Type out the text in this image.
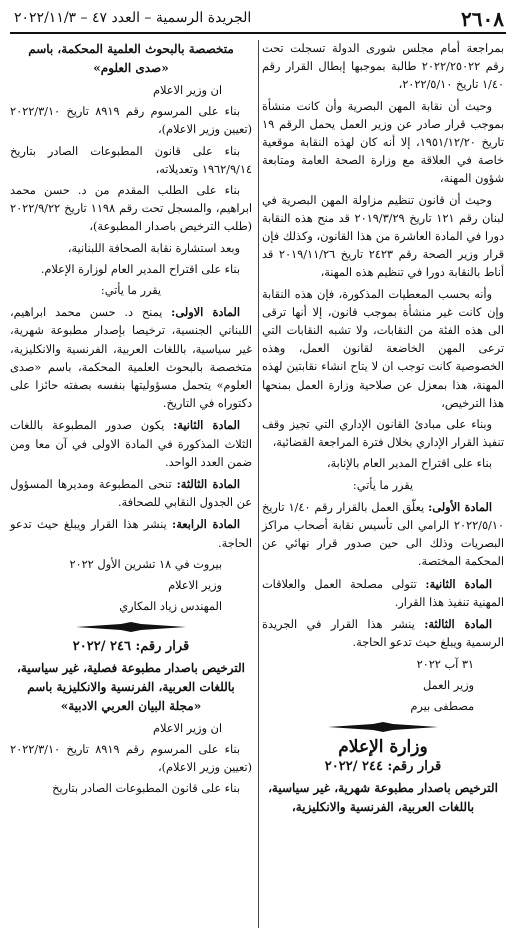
٢٦٠٨
الجريدة الرسمية – العدد ٤٧ – ٢٠٢٢/١١/٣

بمراجعة أمام مجلس شورى الدولة تسجلت تحت رقم ٢٠٢٢/٢٥٠٢٢ طالبة بموجبها إبطال القرار رقم ١/٤٠ تاريخ ٢٠٢٢/٥/١٠،

وحيث أن نقابة المهن البصرية وأن كانت منشأة بموجب قرار صادر عن وزير العمل يحمل الرقم ١٩ تاريخ ١٩٥١/١٢/٢٠، إلا أنه كان لهذه النقابة موقعية خاصة في العلاقة مع وزارة الصحة العامة ومتابعة شؤون المهنة،

وحيث أن قانون تنظيم مزاولة المهن البصرية في لبنان رقم ١٢١ تاريخ ٢٠١٩/٣/٢٩ قد منح هذه النقابة دورا في المادة العاشرة من هذا القانون، وكذلك فإن قرار وزير الصحة رقم ٢٤٢٣ تاريخ ٢٠١٩/١١/٢٦ قد أناط بالنقابة دورا في تنظيم هذه المهنة،

وأنه بحسب المعطيات المذكورة، فإن هذه النقابة وإن كانت غير منشأة بموجب قانون، إلا أنها ترقى الى هذه الفئة من النقابات، ولا تشبه النقابات التي ترعى المهن الخاضعة لقانون العمل، وهذه الخصوصية كانت توجب ان لا يتاح انشاء نقابتين لهذه المهنة، هذا بمعزل عن صلاحية وزارة العمل بمنحها هذا الترخيص،

وبناء على مبادئ القانون الإداري التي تجيز وقف تنفيذ القرار الإداري بخلال فترة المراجعة القضائية،

بناء على اقتراح المدير العام بالإنابة،

يقرر ما يأتي:

المادة الأولى: يعلّق العمل بالقرار رقم ١/٤٠ تاريخ ٢٠٢٢/٥/١٠ الرامي الى تأسيس نقابة أصحاب مراكز البصريات وذلك الى حين صدور قرار نهائي عن المحكمة المختصة.

المادة الثانية: تتولى مصلحة العمل والعلاقات المهنية تنفيذ هذا القرار.

المادة الثالثة: ينشر هذا القرار في الجريدة الرسمية ويبلغ حيث تدعو الحاجة.

٣١ آب ٢٠٢٢

وزير العمل

مصطفى بيرم

وزارة الإعلام
قرار رقم: ٢٤٤ /٢٠٢٢
الترخيص باصدار مطبوعة شهرية، غير سياسية، باللغات العربية، الفرنسية والانكليزية،
متخصصة بالبحوث العلمية المحكمة، باسم «صدى العلوم»

ان وزير الاعلام

بناء على المرسوم رقم ٨٩١٩ تاريخ ٢٠٢٢/٣/١٠ (تعيين وزير الاعلام)،

بناء على قانون المطبوعات الصادر بتاريخ ١٩٦٢/٩/١٤ وتعديلاته،

بناء على الطلب المقدم من د. حسن محمد ابراهيم، والمسجل تحت رقم ١١٩٨ تاريخ ٢٠٢٢/٩/٢٢ (طلب الترخيص باصدار المطبوعة)،

وبعد استشارة نقابة الصحافة اللبنانية،

بناء على اقتراح المدير العام لوزارة الإعلام.

يقرر ما يأتي:

المادة الاولى: يمنح د. حسن محمد ابراهيم، اللبناني الجنسية، ترخيصا بإصدار مطبوعة شهرية، غير سياسية، باللغات العربية، الفرنسية والانكليزية، متخصصة بالبحوث العلمية المحكمة، باسم «صدى العلوم» يتحمل مسؤوليتها بنفسه بصفته حائزا على دكتوراه في التاريخ.

المادة الثانية: يكون صدور المطبوعة باللغات الثلاث المذكورة في المادة الاولى في آن معا ومن ضمن العدد الواحد.

المادة الثالثة: تنحى المطبوعة ومديرها المسؤول عن الجدول النقابي للصحافة.

المادة الرابعة: ينشر هذا القرار ويبلغ حيث تدعو الحاجة.

بيروت في ١٨ تشرين الأول ٢٠٢٢

وزير الاعلام

المهندس زياد المكاري

قرار رقم: ٢٤٦ /٢٠٢٢
الترخيص باصدار مطبوعة فصلية، غير سياسية، باللغات العربية، الفرنسية والانكليزية باسم «مجلة البيان العربي الادبية»

ان وزير الاعلام

بناء على المرسوم رقم ٨٩١٩ تاريخ ٢٠٢٢/٣/١٠ (تعيين وزير الاعلام)،

بناء على قانون المطبوعات الصادر بتاريخ
